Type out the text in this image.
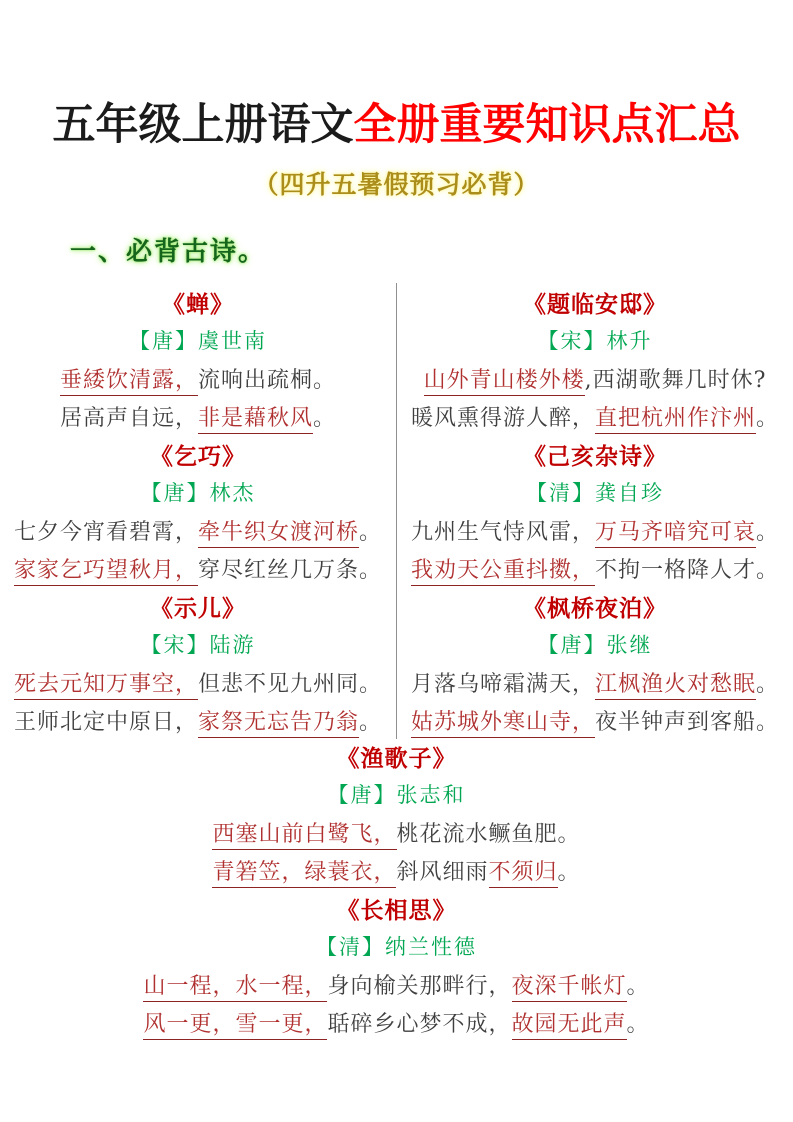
五年级上册语文全册重要知识点汇总
（四升五暑假预习必背）
一、必背古诗。
《蝉》
【唐】虞世南
垂緌饮清露， 流响出疏桐。
居高声自远， 非是藉秋风 。
《乞巧》
【唐】林杰
七夕今宵看碧霄， 牵牛织女渡河桥 。
家家乞巧望秋月， 穿尽红丝几万条。
《示儿》
【宋】陆游
死去元知万事空， 但悲不见九州同。
王师北定中原日， 家祭无忘告乃翁 。
《题临安邸》
【宋】林升
山外青山楼外楼 ,西湖歌舞几时休?
暖风熏得游人醉， 直把杭州作汴州 。
《己亥杂诗》
【清】龚自珍
九州生气恃风雷， 万马齐喑究可哀 。
我劝天公重抖擞， 不拘一格降人才。
《枫桥夜泊》
【唐】张继
月落乌啼霜满天， 江枫渔火对愁眠 。
姑苏城外寒山寺， 夜半钟声到客船。
《渔歌子》
【唐】张志和
西塞山前白鹭飞， 桃花流水鳜鱼肥。
青箬笠， 绿蓑衣， 斜风细雨 不须归 。
《长相思》
【清】纳兰性德
山一程， 水一程， 身向榆关那畔行， 夜深千帐灯 。
风一更， 雪一更， 聒碎乡心梦不成， 故园无此声 。
